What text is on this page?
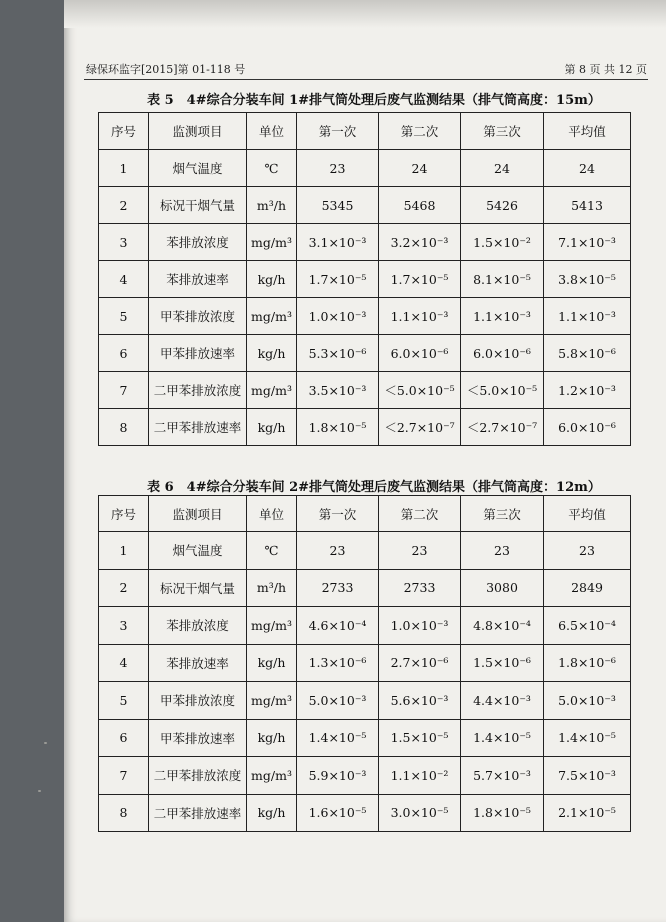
绿保环监字[2015]第 01-118 号	第 8 页 共 12 页
表 5　4#综合分装车间 1#排气筒处理后废气监测结果（排气筒高度：15m）
序号	监测项目	单位	第一次	第二次	第三次	平均值
1	烟气温度	℃	23	24	24	24
2	标况干烟气量	m³/h	5345	5468	5426	5413
3	苯排放浓度	mg/m³	3.1×10⁻³	3.2×10⁻³	1.5×10⁻²	7.1×10⁻³
4	苯排放速率	kg/h	1.7×10⁻⁵	1.7×10⁻⁵	8.1×10⁻⁵	3.8×10⁻⁵
5	甲苯排放浓度	mg/m³	1.0×10⁻³	1.1×10⁻³	1.1×10⁻³	1.1×10⁻³
6	甲苯排放速率	kg/h	5.3×10⁻⁶	6.0×10⁻⁶	6.0×10⁻⁶	5.8×10⁻⁶
7	二甲苯排放浓度	mg/m³	3.5×10⁻³	＜5.0×10⁻⁵	＜5.0×10⁻⁵	1.2×10⁻³
8	二甲苯排放速率	kg/h	1.8×10⁻⁵	＜2.7×10⁻⁷	＜2.7×10⁻⁷	6.0×10⁻⁶
表 6　4#综合分装车间 2#排气筒处理后废气监测结果（排气筒高度：12m）
序号	监测项目	单位	第一次	第二次	第三次	平均值
1	烟气温度	℃	23	23	23	23
2	标况干烟气量	m³/h	2733	2733	3080	2849
3	苯排放浓度	mg/m³	4.6×10⁻⁴	1.0×10⁻³	4.8×10⁻⁴	6.5×10⁻⁴
4	苯排放速率	kg/h	1.3×10⁻⁶	2.7×10⁻⁶	1.5×10⁻⁶	1.8×10⁻⁶
5	甲苯排放浓度	mg/m³	5.0×10⁻³	5.6×10⁻³	4.4×10⁻³	5.0×10⁻³
6	甲苯排放速率	kg/h	1.4×10⁻⁵	1.5×10⁻⁵	1.4×10⁻⁵	1.4×10⁻⁵
7	二甲苯排放浓度	mg/m³	5.9×10⁻³	1.1×10⁻²	5.7×10⁻³	7.5×10⁻³
8	二甲苯排放速率	kg/h	1.6×10⁻⁵	3.0×10⁻⁵	1.8×10⁻⁵	2.1×10⁻⁵
